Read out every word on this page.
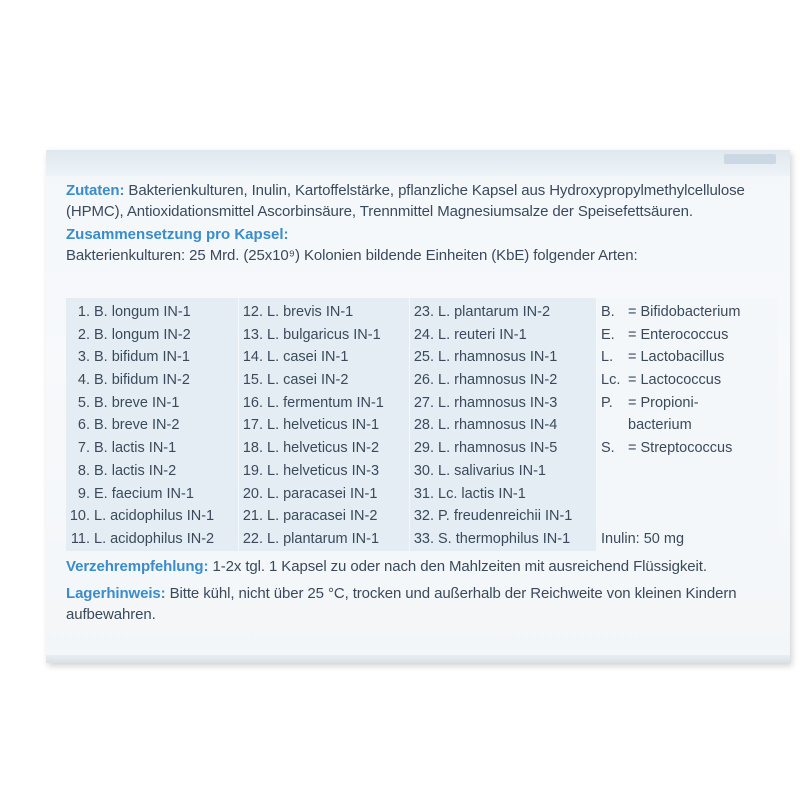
Zutaten: Bakterienkulturen, Inulin, Kartoffelstärke, pflanzliche Kapsel aus Hydroxypropylmethylcellulose (HPMC), Antioxidationsmittel Ascorbinsäure, Trennmittel Magnesiumsalze der Speisefettsäuren.

Zusammensetzung pro Kapsel:

Bakterienkulturen: 25 Mrd. (25x10⁹) Kolonien bildende Einheiten (KbE) folgender Arten:

1. B. longum IN-1
2. B. longum IN-2
3. B. bifidum IN-1
4. B. bifidum IN-2
5. B. breve IN-1
6. B. breve IN-2
7. B. lactis IN-1
8. B. lactis IN-2
9. E. faecium IN-1
10. L. acidophilus IN-1
11. L. acidophilus IN-2
12. L. brevis IN-1
13. L. bulgaricus IN-1
14. L. casei IN-1
15. L. casei IN-2
16. L. fermentum IN-1
17. L. helveticus IN-1
18. L. helveticus IN-2
19. L. helveticus IN-3
20. L. paracasei IN-1
21. L. paracasei IN-2
22. L. plantarum IN-1
23. L. plantarum IN-2
24. L. reuteri IN-1
25. L. rhamnosus IN-1
26. L. rhamnosus IN-2
27. L. rhamnosus IN-3
28. L. rhamnosus IN-4
29. L. rhamnosus IN-5
30. L. salivarius IN-1
31. Lc. lactis IN-1
32. P. freudenreichii IN-1
33. S. thermophilus IN-1
B. = Bifidobacterium
E. = Enterococcus
L. = Lactobacillus
Lc. = Lactococcus
P. = Propioni-
bacterium
S. = Streptococcus
Inulin: 50 mg

Verzehrempfehlung: 1-2x tgl. 1 Kapsel zu oder nach den Mahlzeiten mit ausreichend Flüssigkeit.

Lagerhinweis: Bitte kühl, nicht über 25 °C, trocken und außerhalb der Reichweite von kleinen Kindern aufbewahren.
